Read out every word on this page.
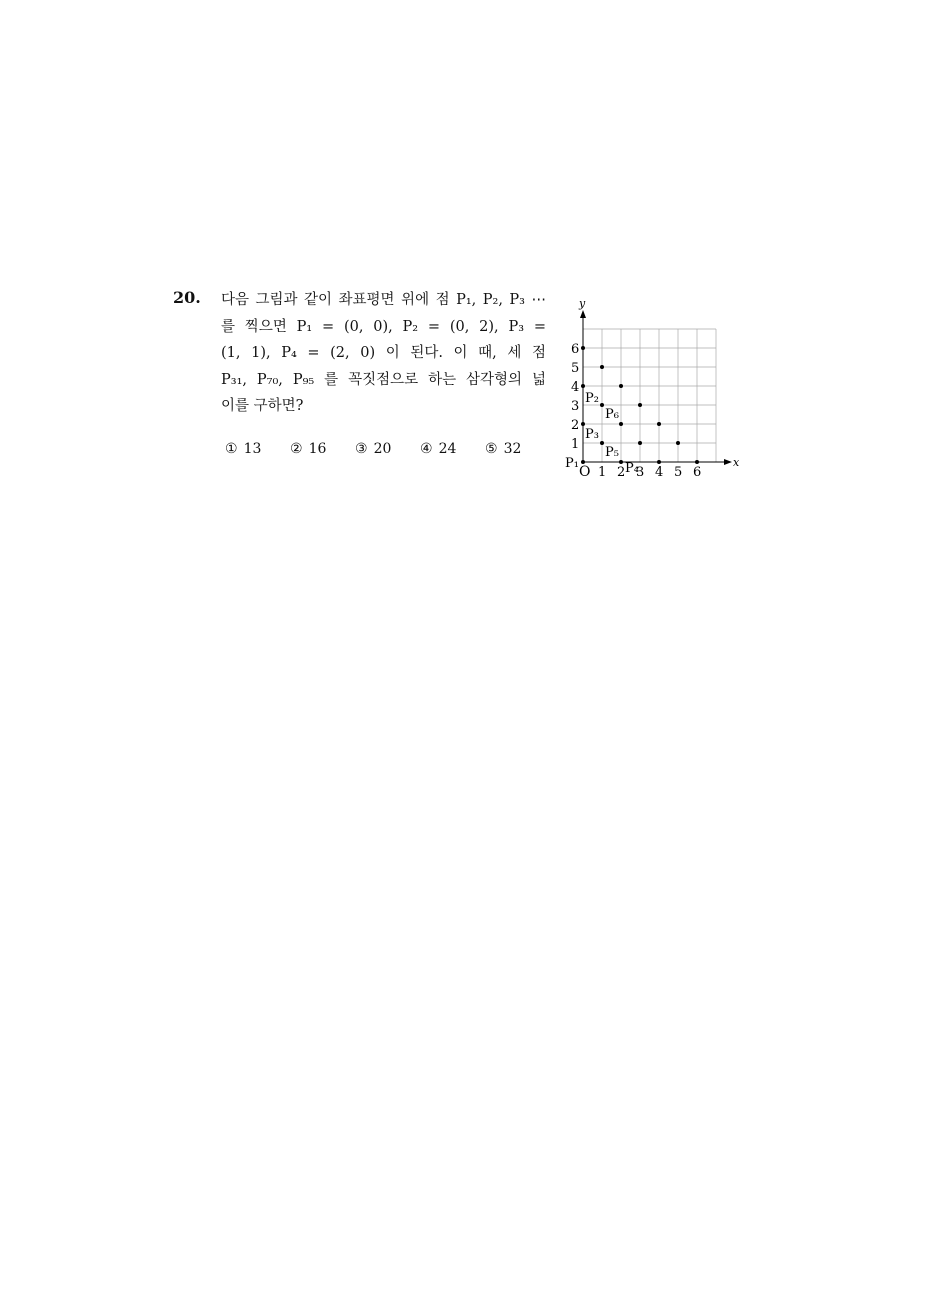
20. 다음 그림과 같이 좌표평면 위에 점 P₁, P₂, P₃ ⋯
를 찍으면 P₁ = (0, 0), P₂ = (0, 2), P₃ =
(1, 1), P₄ = (2, 0) 이 된다. 이 때, 세 점
P₃₁, P₇₀, P₉₅ 를 꼭짓점으로 하는 삼각형의 넓
이를 구하면?
① 13	② 16	③ 20	④ 24	⑤ 32
x
y
O 1 2 3 4 5 6
1
2
3
4
5
6
P₁
P₂
P₃
P₄
P₅
P₆
